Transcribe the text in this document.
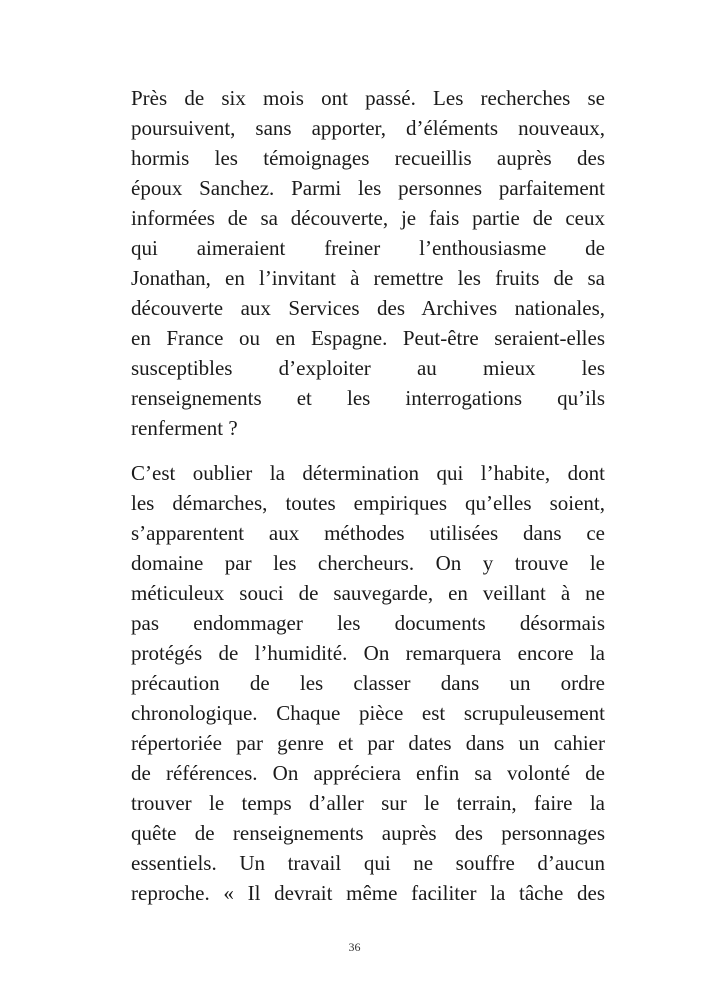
Près de six mois ont passé. Les recherches se
poursuivent, sans apporter, d’éléments nouveaux,
hormis les témoignages recueillis auprès des
époux Sanchez. Parmi les personnes parfaitement
informées de sa découverte, je fais partie de ceux
qui aimeraient freiner l’enthousiasme de
Jonathan, en l’invitant à remettre les fruits de sa
découverte aux Services des Archives nationales,
en France ou en Espagne. Peut-être seraient-elles
susceptibles d’exploiter au mieux les
renseignements et les interrogations qu’ils
renferment ?

C’est oublier la détermination qui l’habite, dont
les démarches, toutes empiriques qu’elles soient,
s’apparentent aux méthodes utilisées dans ce
domaine par les chercheurs. On y trouve le
méticuleux souci de sauvegarde, en veillant à ne
pas endommager les documents désormais
protégés de l’humidité. On remarquera encore la
précaution de les classer dans un ordre
chronologique. Chaque pièce est scrupuleusement
répertoriée par genre et par dates dans un cahier
de références. On appréciera enfin sa volonté de
trouver le temps d’aller sur le terrain, faire la
quête de renseignements auprès des personnages
essentiels. Un travail qui ne souffre d’aucun
reproche. « Il devrait même faciliter la tâche des

36
